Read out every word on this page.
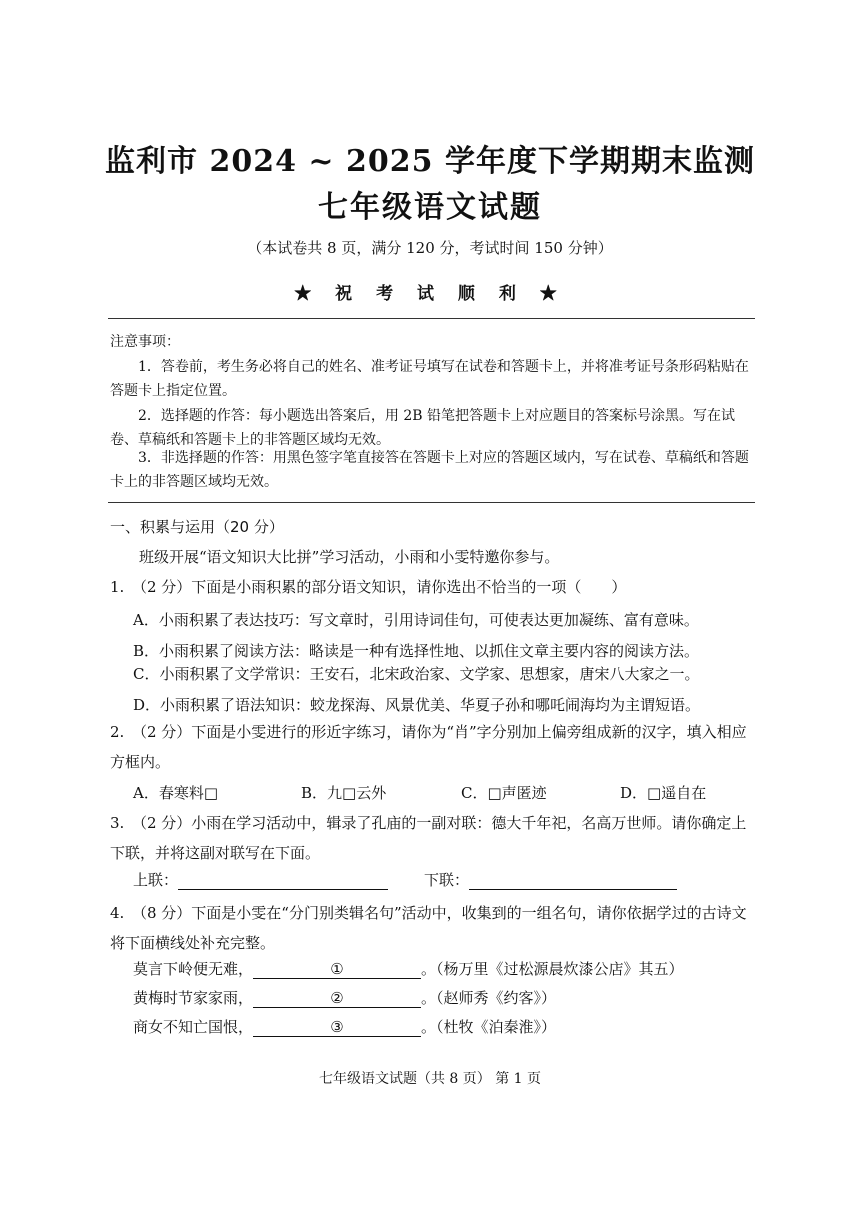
监利市 2024 ~ 2025 学年度下学期期末监测
七年级语文试题
（本试卷共 8 页，满分 120 分，考试时间 150 分钟）
★ 祝 考 试 顺 利 ★
注意事项：
1．答卷前，考生务必将自己的姓名、准考证号填写在试卷和答题卡上，并将准考证号条形码粘贴在答题卡上指定位置。
2．选择题的作答：每小题选出答案后，用 2B 铅笔把答题卡上对应题目的答案标号涂黑。写在试卷、草稿纸和答题卡上的非答题区域均无效。
3．非选择题的作答：用黑色签字笔直接答在答题卡上对应的答题区域内，写在试卷、草稿纸和答题卡上的非答题区域均无效。
一、积累与运用（20 分）
班级开展“语文知识大比拼”学习活动，小雨和小雯特邀你参与。
1. （2 分）下面是小雨积累的部分语文知识，请你选出不恰当的一项（　　）
A．小雨积累了表达技巧：写文章时，引用诗词佳句，可使表达更加凝练、富有意味。
B．小雨积累了阅读方法：略读是一种有选择性地、以抓住文章主要内容的阅读方法。
C．小雨积累了文学常识：王安石，北宋政治家、文学家、思想家，唐宋八大家之一。
D．小雨积累了语法知识：蛟龙探海、风景优美、华夏子孙和哪吒闹海均为主谓短语。
2. （2 分）下面是小雯进行的形近字练习，请你为“肖”字分别加上偏旁组成新的汉字，填入相应方框内。
A．春寒料□	B．九□云外	C．□声匿迹	D．□遥自在
3. （2 分）小雨在学习活动中，辑录了孔庙的一副对联：德大千年祀，名高万世师。请你确定上下联，并将这副对联写在下面。
上联：	下联：
4. （8 分）下面是小雯在“分门别类辑名句”活动中，收集到的一组名句，请你依据学过的古诗文将下面横线处补充完整。
莫言下岭便无难，	①	。（杨万里《过松源晨炊漆公店》其五）
黄梅时节家家雨，	②	。（赵师秀《约客》）
商女不知亡国恨，	③	。（杜牧《泊秦淮》）
七年级语文试题（共 8 页） 第 1 页
